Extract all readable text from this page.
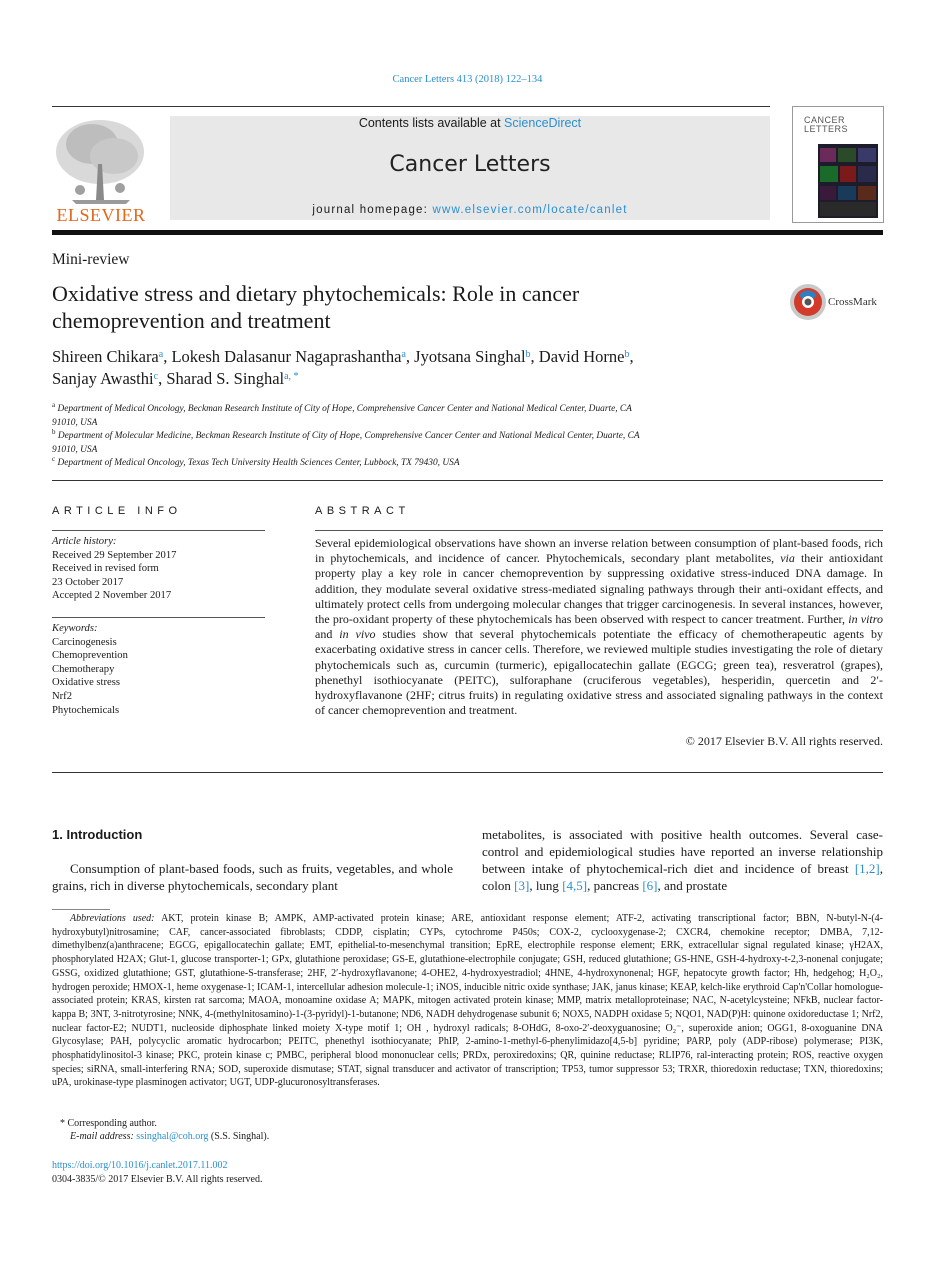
Cancer Letters 413 (2018) 122–134
ELSEVIER
Contents lists available at ScienceDirect
Cancer Letters
journal homepage: www.elsevier.com/locate/canlet
CANCER
LETTERS
Mini-review
Oxidative stress and dietary phytochemicals: Role in cancer
chemoprevention and treatment
CrossMark
Shireen Chikara$^a$, Lokesh Dalasanur Nagaprashantha$^a$, Jyotsana Singhal$^b$, David Horne$^b$,
Sanjay Awasthi$^c$, Sharad S. Singhal$^{a, *}$
$^a$ Department of Medical Oncology, Beckman Research Institute of City of Hope, Comprehensive Cancer Center and National Medical Center, Duarte, CA
91010, USA
$^b$ Department of Molecular Medicine, Beckman Research Institute of City of Hope, Comprehensive Cancer Center and National Medical Center, Duarte, CA
91010, USA
$^c$ Department of Medical Oncology, Texas Tech University Health Sciences Center, Lubbock, TX 79430, USA
ARTICLE INFO	ABSTRACT
Article history:
Received 29 September 2017
Received in revised form
23 October 2017
Accepted 2 November 2017
Keywords:
Carcinogenesis
Chemoprevention
Chemotherapy
Oxidative stress
Nrf2
Phytochemicals
Several epidemiological observations have shown an inverse relation between consumption of plant-based foods, rich in phytochemicals, and incidence of cancer. Phytochemicals, secondary plant metabolites, via their antioxidant property play a key role in cancer chemoprevention by suppressing oxidative stress-induced DNA damage. In addition, they modulate several oxidative stress-mediated signaling pathways through their anti-oxidant effects, and ultimately protect cells from undergoing molecular changes that trigger carcinogenesis. In several instances, however, the pro-oxidant property of these phytochemicals has been observed with respect to cancer treatment. Further, in vitro and in vivo studies show that several phytochemicals potentiate the efficacy of chemotherapeutic agents by exacerbating oxidative stress in cancer cells. Therefore, we reviewed multiple studies investigating the role of dietary phytochemicals such as, curcumin (turmeric), epigallocatechin gallate (EGCG; green tea), resveratrol (grapes), phenethyl isothiocyanate (PEITC), sulforaphane (cruciferous vegetables), hesperidin, quercetin and 2′-hydroxyflavanone (2HF; citrus fruits) in regulating oxidative stress and associated signaling pathways in the context of cancer chemoprevention and treatment.
© 2017 Elsevier B.V. All rights reserved.
1. Introduction
Consumption of plant-based foods, such as fruits, vegetables, and whole grains, rich in diverse phytochemicals, secondary plant
metabolites, is associated with positive health outcomes. Several case-control and epidemiological studies have reported an inverse relationship between intake of phytochemical-rich diet and incidence of breast [1,2], colon [3], lung [4,5], pancreas [6], and prostate
Abbreviations used: AKT, protein kinase B; AMPK, AMP-activated protein kinase; ARE, antioxidant response element; ATF-2, activating transcriptional factor; BBN, N-butyl-N-(4-hydroxybutyl)nitrosamine; CAF, cancer-associated fibroblasts; CDDP, cisplatin; CYPs, cytochrome P450s; COX-2, cyclooxygenase-2; CXCR4, chemokine receptor; DMBA, 7,12-dimethylbenz(a)anthracene; EGCG, epigallocatechin gallate; EMT, epithelial-to-mesenchymal transition; EpRE, electrophile response element; ERK, extracellular signal regulated kinase; γH2AX, phosphorylated H2AX; Glut-1, glucose transporter-1; GPx, glutathione peroxidase; GS-E, glutathione-electrophile conjugate; GSH, reduced glutathione; GS-HNE, GSH-4-hydroxy-t-2,3-nonenal conjugate; GSSG, oxidized glutathione; GST, glutathione-S-transferase; 2HF, 2′-hydroxyflavanone; 4-OHE2, 4-hydroxyestradiol; 4HNE, 4-hydroxynonenal; HGF, hepatocyte growth factor; Hh, hedgehog; H₂O₂, hydrogen peroxide; HMOX-1, heme oxygenase-1; ICAM-1, intercellular adhesion molecule-1; iNOS, inducible nitric oxide synthase; JAK, janus kinase; KEAP, kelch-like erythroid Cap'n'Collar homologue-associated protein; KRAS, kirsten rat sarcoma; MAOA, monoamine oxidase A; MAPK, mitogen activated protein kinase; MMP, matrix metalloproteinase; NAC, N-acetylcysteine; NFkB, nuclear factor-kappa B; 3NT, 3-nitrotyrosine; NNK, 4-(methylnitosamino)-1-(3-pyridyl)-1-butanone; ND6, NADH dehydrogenase subunit 6; NOX5, NADPH oxidase 5; NQO1, NAD(P)H: quinone oxidoreductase 1; Nrf2, nuclear factor-E2; NUDT1, nucleoside diphosphate linked moiety X-type motif 1; OH , hydroxyl radicals; 8-OHdG, 8-oxo-2′-deoxyguanosine; O₂⁻, superoxide anion; OGG1, 8-oxoguanine DNA Glycosylase; PAH, polycyclic aromatic hydrocarbon; PEITC, phenethyl isothiocyanate; PhIP, 2-amino-1-methyl-6-phenylimidazo[4,5-b] pyridine; PARP, poly (ADP-ribose) polymerase; PI3K, phosphatidylinositol-3 kinase; PKC, protein kinase c; PMBC, peripheral blood mononuclear cells; PRDx, peroxiredoxins; QR, quinine reductase; RLIP76, ral-interacting protein; ROS, reactive oxygen species; siRNA, small-interfering RNA; SOD, superoxide dismutase; STAT, signal transducer and activator of transcription; TP53, tumor suppressor 53; TRXR, thioredoxin reductase; TXN, thioredoxins; uPA, urokinase-type plasminogen activator; UGT, UDP-glucuronosyltransferases.
* Corresponding author.
E-mail address: ssinghal@coh.org (S.S. Singhal).
https://doi.org/10.1016/j.canlet.2017.11.002
0304-3835/© 2017 Elsevier B.V. All rights reserved.
